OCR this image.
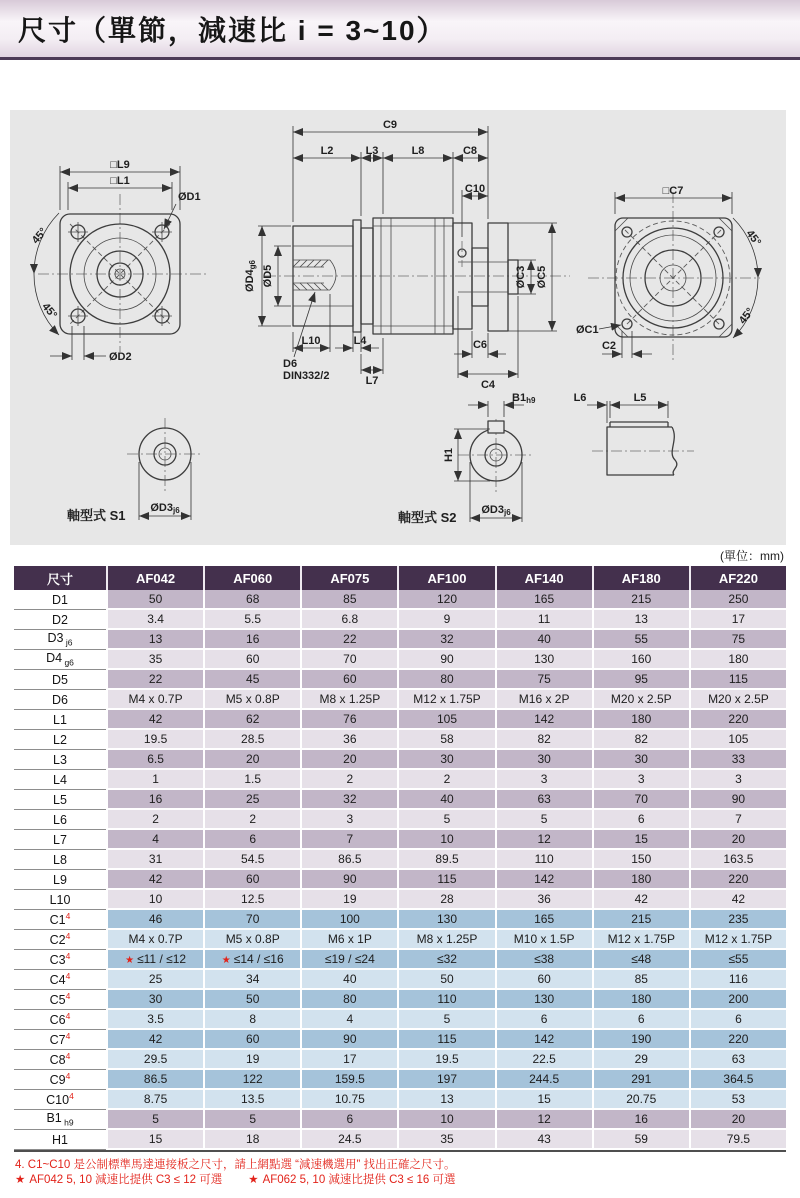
尺寸（單節，減速比 i = 3~10）
□L9
□L1
ØD1
45°
45°
ØD2
C9
L2	L3	L8	C8
C10
ØD4g6 ØD5	ØC3 ØC5
L10	L4
L7
C6
C4
D6
DIN332/2
□C7
45°
45°
ØC1
C2
ØD3j6
軸型式 S1
B1h9
H1
ØD3j6
軸型式 S2
L6	L5
(單位：mm)
尺寸	AF042	AF060	AF075	AF100	AF140	AF180	AF220
D1	50	68	85	120	165	215	250
D2	3.4	5.5	6.8	9	11	13	17
D3 $_{j6}$	13	16	22	32	40	55	75
D4 $_{g6}$	35	60	70	90	130	160	180
D5	22	45	60	80	75	95	115
D6	M4 x 0.7P	M5 x 0.8P	M8 x 1.25P	M12 x 1.75P	M16 x 2P	M20 x 2.5P	M20 x 2.5P
L1	42	62	76	105	142	180	220
L2	19.5	28.5	36	58	82	82	105
L3	6.5	20	20	30	30	30	33
L4	1	1.5	2	2	3	3	3
L5	16	25	32	40	63	70	90
L6	2	2	3	5	5	6	7
L7	4	6	7	10	12	15	20
L8	31	54.5	86.5	89.5	110	150	163.5
L9	42	60	90	115	142	180	220
L10	10	12.5	19	28	36	42	42
$C1^4$	46	70	100	130	165	215	235
$C2^4$	M4 x 0.7P	M5 x 0.8P	M6 x 1P	M8 x 1.25P	M10 x 1.5P	M12 x 1.75P	M12 x 1.75P
$C3^4$	★ ≤11 / ≤12	★ ≤14 / ≤16	≤19 / ≤24	≤32	≤38	≤48	≤55
$C4^4$	25	34	40	50	60	85	116
$C5^4$	30	50	80	110	130	180	200
$C6^4$	3.5	8	4	5	6	6	6
$C7^4$	42	60	90	115	142	190	220
$C8^4$	29.5	19	17	19.5	22.5	29	63
$C9^4$	86.5	122	159.5	197	244.5	291	364.5
$C10^4$	8.75	13.5	10.75	13	15	20.75	53
B1 $_{h9}$	5	5	6	10	12	16	20
H1	15	18	24.5	35	43	59	79.5
4. C1~C10 是公制標準馬達連接板之尺寸，請上網點選 “減速機選用” 找出正確之尺寸。
★ AF042 5, 10 減速比提供 C3 ≤ 12 可選 ★ AF062 5, 10 減速比提供 C3 ≤ 16 可選
